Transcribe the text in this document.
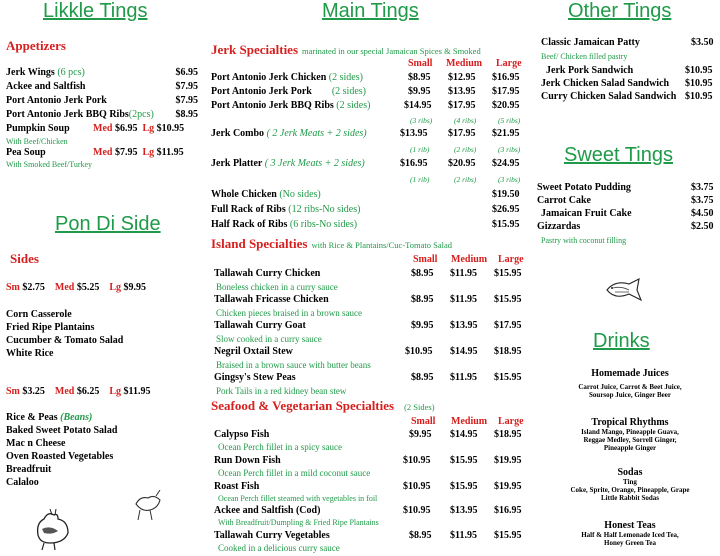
Likkle Tings	Main Tings	Other Tings
Pon Di Side
Sweet Tings
Drinks
Appetizers
Jerk Wings (6 pcs)	$6.95
Ackee and Saltfish	$7.95
Port Antonio Jerk Pork	$7.95
Port Antonio Jerk BBQ Ribs(2pcs)	$8.95
Pumpkin Soup Med $6.95 Lg $10.95
With Beef/Chicken
Pea Soup	Med $7.95 Lg $11.95
With Smoked Beef/Turkey
Sides
Sm $2.75 Med $5.25 Lg $9.95
Corn Casserole
Fried Ripe Plantains
Cucumber & Tomato Salad
White Rice
Sm $3.25 Med $6.25 Lg $11.95
Rice & Peas (Beans)
Baked Sweet Potato Salad
Mac n Cheese
Oven Roasted Vegetables
Breadfruit
Calaloo
Jerk Specialties marinated in our special Jamaican Spices & Smoked
Small Medium Large
Port Antonio Jerk Chicken (2 sides)	$8.95 $12.95 $16.95
Port Antonio Jerk Pork (2 sides)	$9.95 $13.95 $17.95
Port Antonio Jerk BBQ Ribs (2 sides)	$14.95 $17.95 $20.95
(3 ribs)	(4 ribs)	(5 ribs)
Jerk Combo ( 2 Jerk Meats + 2 sides)	$13.95 $17.95 $21.95
(1 rib)	(2 ribs)	(3 ribs)
Jerk Platter ( 3 Jerk Meats + 2 sides)	$16.95 $20.95 $24.95
(1 rib)	(2 ribs)	(3 ribs)
Whole Chicken (No sides)	$19.50
Full Rack of Ribs (12 ribs-No sides)	$26.95
Half Rack of Ribs (6 ribs-No sides)	$15.95
Island Specialties with Rice & Plantains/Cuc-Tomato Salad
Small Medium Large
Tallawah Curry Chicken	$8.95 $11.95 $15.95
Boneless chicken in a curry sauce
Tallawah Fricasse Chicken	$8.95 $11.95 $15.95
Chicken pieces braised in a brown sauce
Tallawah Curry Goat	$9.95 $13.95 $17.95
Slow cooked in a curry sauce
Negril Oxtail Stew	$10.95 $14.95 $18.95
Braised in a brown sauce with butter beans
Gingsy's Stew Peas	$8.95 $11.95 $15.95
Pork Tails in a red kidney bean stew
Seafood & Vegetarian Specialties (2 Sides)
Small Medium Large
Calypso Fish	$9.95 $14.95 $18.95
Ocean Perch fillet in a spicy sauce
Run Down Fish	$10.95 $15.95 $19.95
Ocean Perch fillet in a mild coconut sauce
Roast Fish	$10.95 $15.95 $19.95
Ocean Perch fillet steamed with vegetables in foil
Ackee and Saltfish (Cod)	$10.95 $13.95 $16.95
With Breadfruit/Dumpling & Fried Ripe Plantains
Tallawah Curry Vegetables	$8.95 $11.95 $15.95
Cooked in a delicious curry sauce
Classic Jamaican Patty	$3.50
Beef/ Chicken filled pastry
Jerk Pork Sandwich	$10.95
Jerk Chicken Salad Sandwich $10.95
Curry Chicken Salad Sandwich $10.95
Sweet Potato Pudding	$3.75
Carrot Cake	$3.75
Jamaican Fruit Cake	$4.50
Gizzardas	$2.50
Pastry with coconut filling
Homemade Juices
Carrot Juice, Carrot & Beet Juice,
Soursop Juice, Ginger Beer
Tropical Rhythms
Island Mango, Pineapple Guava,
Reggae Medley, Sorrell Ginger,
Pineapple Ginger
Sodas
Ting
Coke, Sprite, Orange, Pineapple, Grape
Little Rabbit Sodas
Honest Teas
Half & Half Lemonade Iced Tea,
Honey Green Tea
